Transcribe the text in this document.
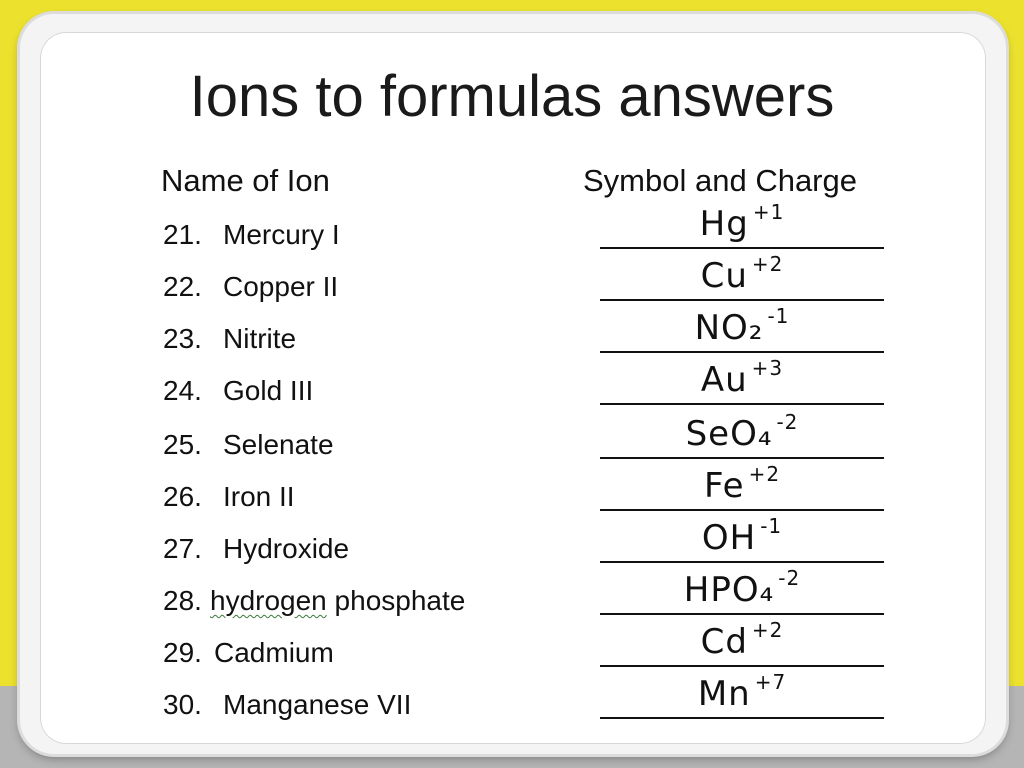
Ions to formulas answers
Name of Ion	Symbol and Charge
21. Mercury I	Hg $^{+1}$
22. Copper II	Cu $^{+2}$
23. Nitrite	NO₂ $^{-1}$
24. Gold III	Au $^{+3}$
25. Selenate	SeO₄ $^{-2}$
26. Iron II	Fe $^{+2}$
27. Hydroxide	OH $^{-1}$
28. hydrogen phosphate	HPO₄ $^{-2}$
29. Cadmium	Cd $^{+2}$
30. Manganese VII	Mn $^{+7}$
